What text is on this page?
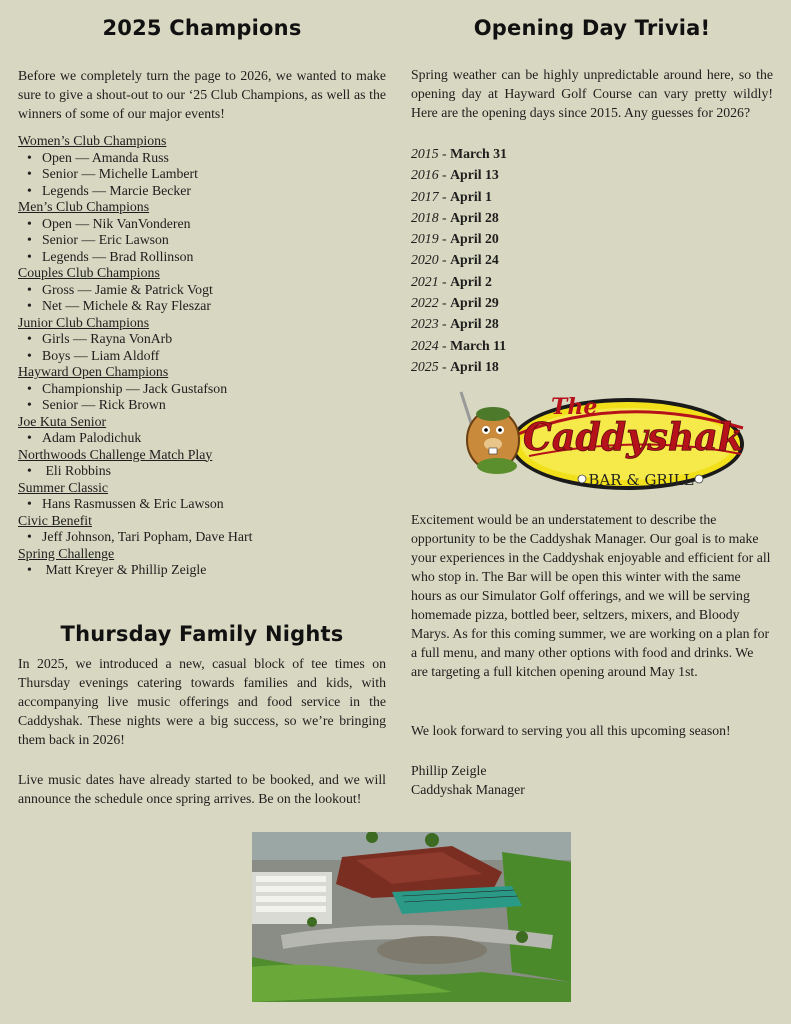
2025 Champions

Before we completely turn the page to 2026, we wanted to make sure to give a shout-out to our ‘25 Club Champions, as well as the winners of some of our major events!

Women’s Club Champions
• Open — Amanda Russ
• Senior — Michelle Lambert
• Legends — Marcie Becker
Men’s Club Champions
• Open — Nik VanVonderen
• Senior — Eric Lawson
• Legends — Brad Rollinson
Couples Club Champions
• Gross — Jamie & Patrick Vogt
• Net — Michele & Ray Fleszar
Junior Club Champions
• Girls — Rayna VonArb
• Boys — Liam Aldoff
Hayward Open Champions
• Championship — Jack Gustafson
• Senior — Rick Brown
Joe Kuta Senior
• Adam Palodichuk
Northwoods Challenge Match Play
•  Eli Robbins
Summer Classic
• Hans Rasmussen & Eric Lawson
Civic Benefit
• Jeff Johnson, Tari Popham, Dave Hart
Spring Challenge
•  Matt Kreyer & Phillip Zeigle
Thursday Family Nights

In 2025, we introduced a new, casual block of tee times on Thursday evenings catering towards families and kids, with accompanying live music offerings and food service in the Caddyshak. These nights were a big success, so we’re bringing them back in 2026!

Live music dates have already started to be booked, and we will announce the schedule once spring arrives. Be on the lookout!

Opening Day Trivia!

Spring weather can be highly unpredictable around here, so the opening day at Hayward Golf Course can vary pretty wildly! Here are the opening days since 2015. Any guesses for 2026?

2015 - March 31
2016 - April 13
2017 - April 1
2018 - April 28
2019 - April 20
2020 - April 24
2021 - April 2
2022 - April 29
2023 - April 28
2024 - March 11
2025 - April 18
The
Caddyshak
BAR & GRILL

Excitement would be an understatement to describe the opportunity to be the Caddyshak Manager. Our goal is to make your experiences in the Caddyshak enjoyable and efficient for all who stop in. The Bar will be open this winter with the same hours as our Simulator Golf offerings, and we will be serving homemade pizza, bottled beer, seltzers, mixers, and Bloody Marys. As for this coming summer, we are working on a plan for a full menu, and many other options with food and drinks. We are targeting a full kitchen opening around May 1st.

We look forward to serving you all this upcoming season!

Phillip Zeigle

Caddyshak Manager
